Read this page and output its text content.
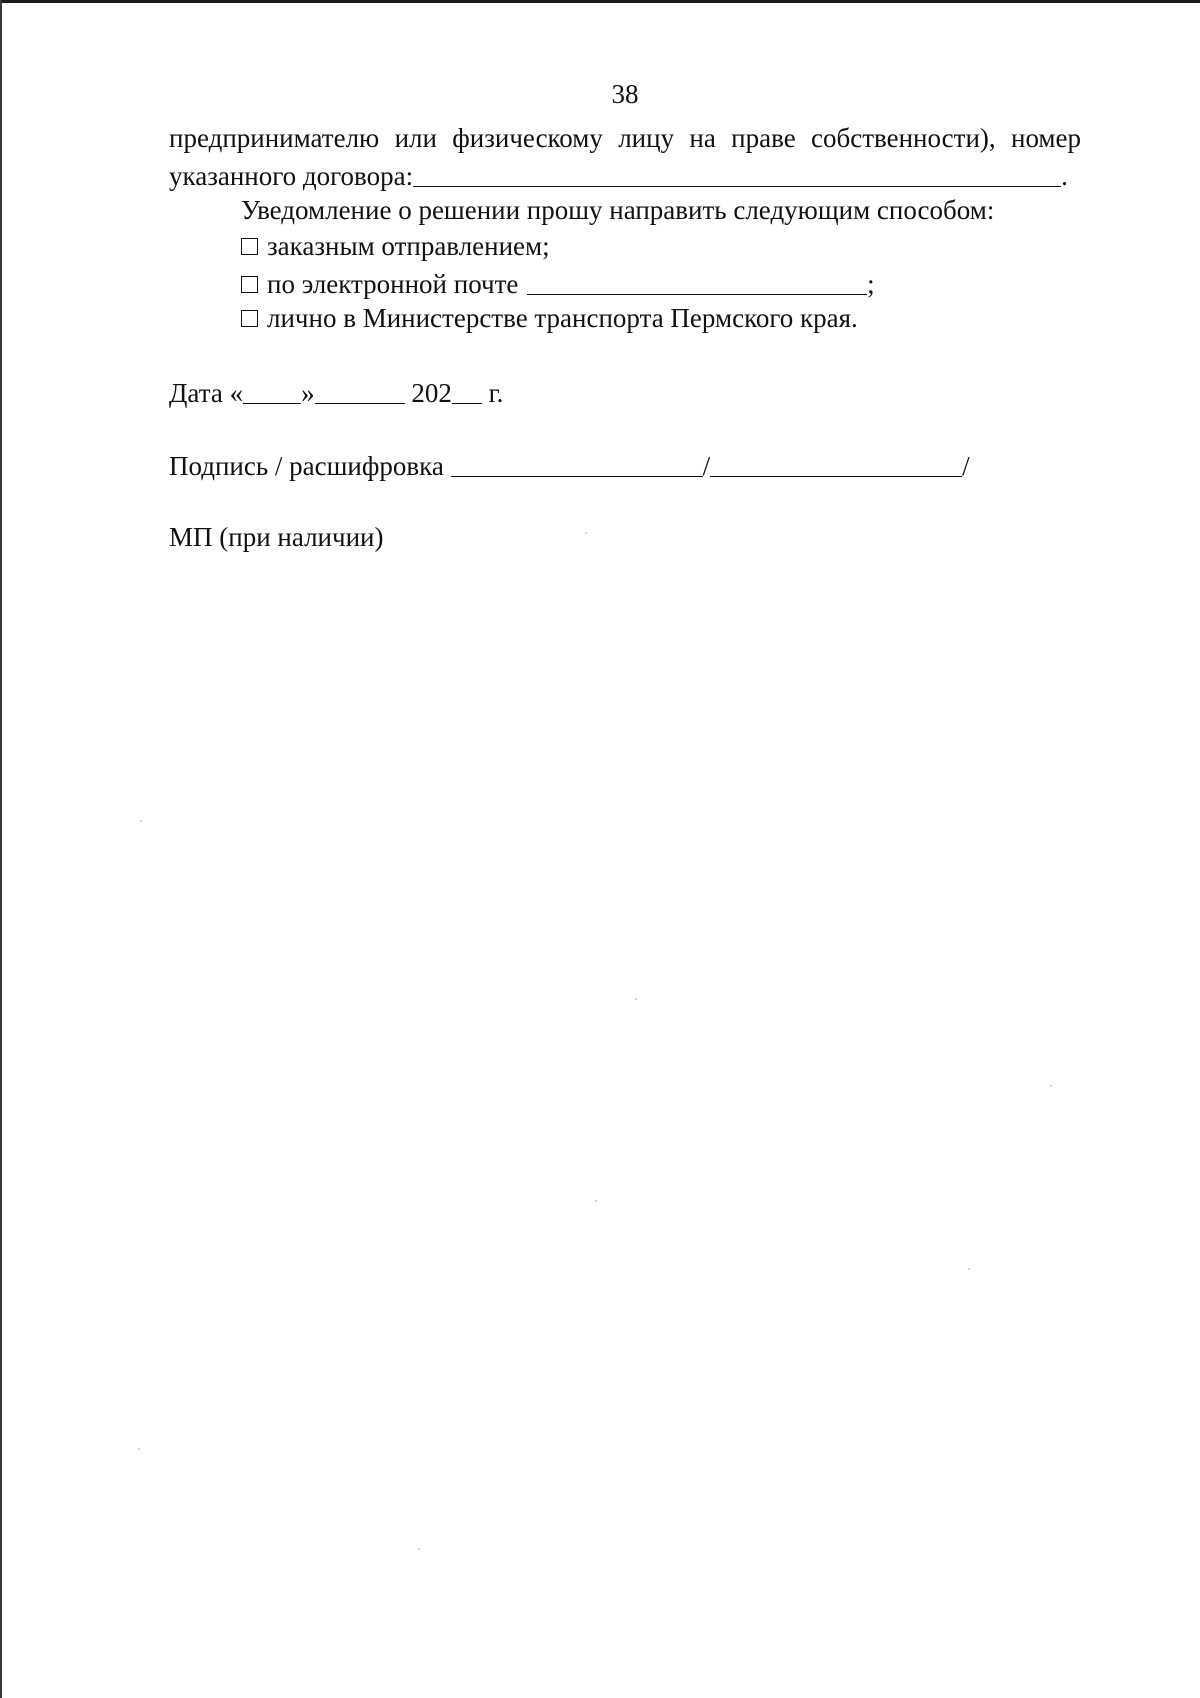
38
предпринимателю или физическому лицу на праве собственности), номер
указанного договора:	.
Уведомление о решении прошу направить следующим способом:
заказным отправлением;
по электронной почте	;
лично в Министерстве транспорта Пермского края.
Дата « »	202 г.
Подпись / расшифровка	/	/
МП (при наличии)
